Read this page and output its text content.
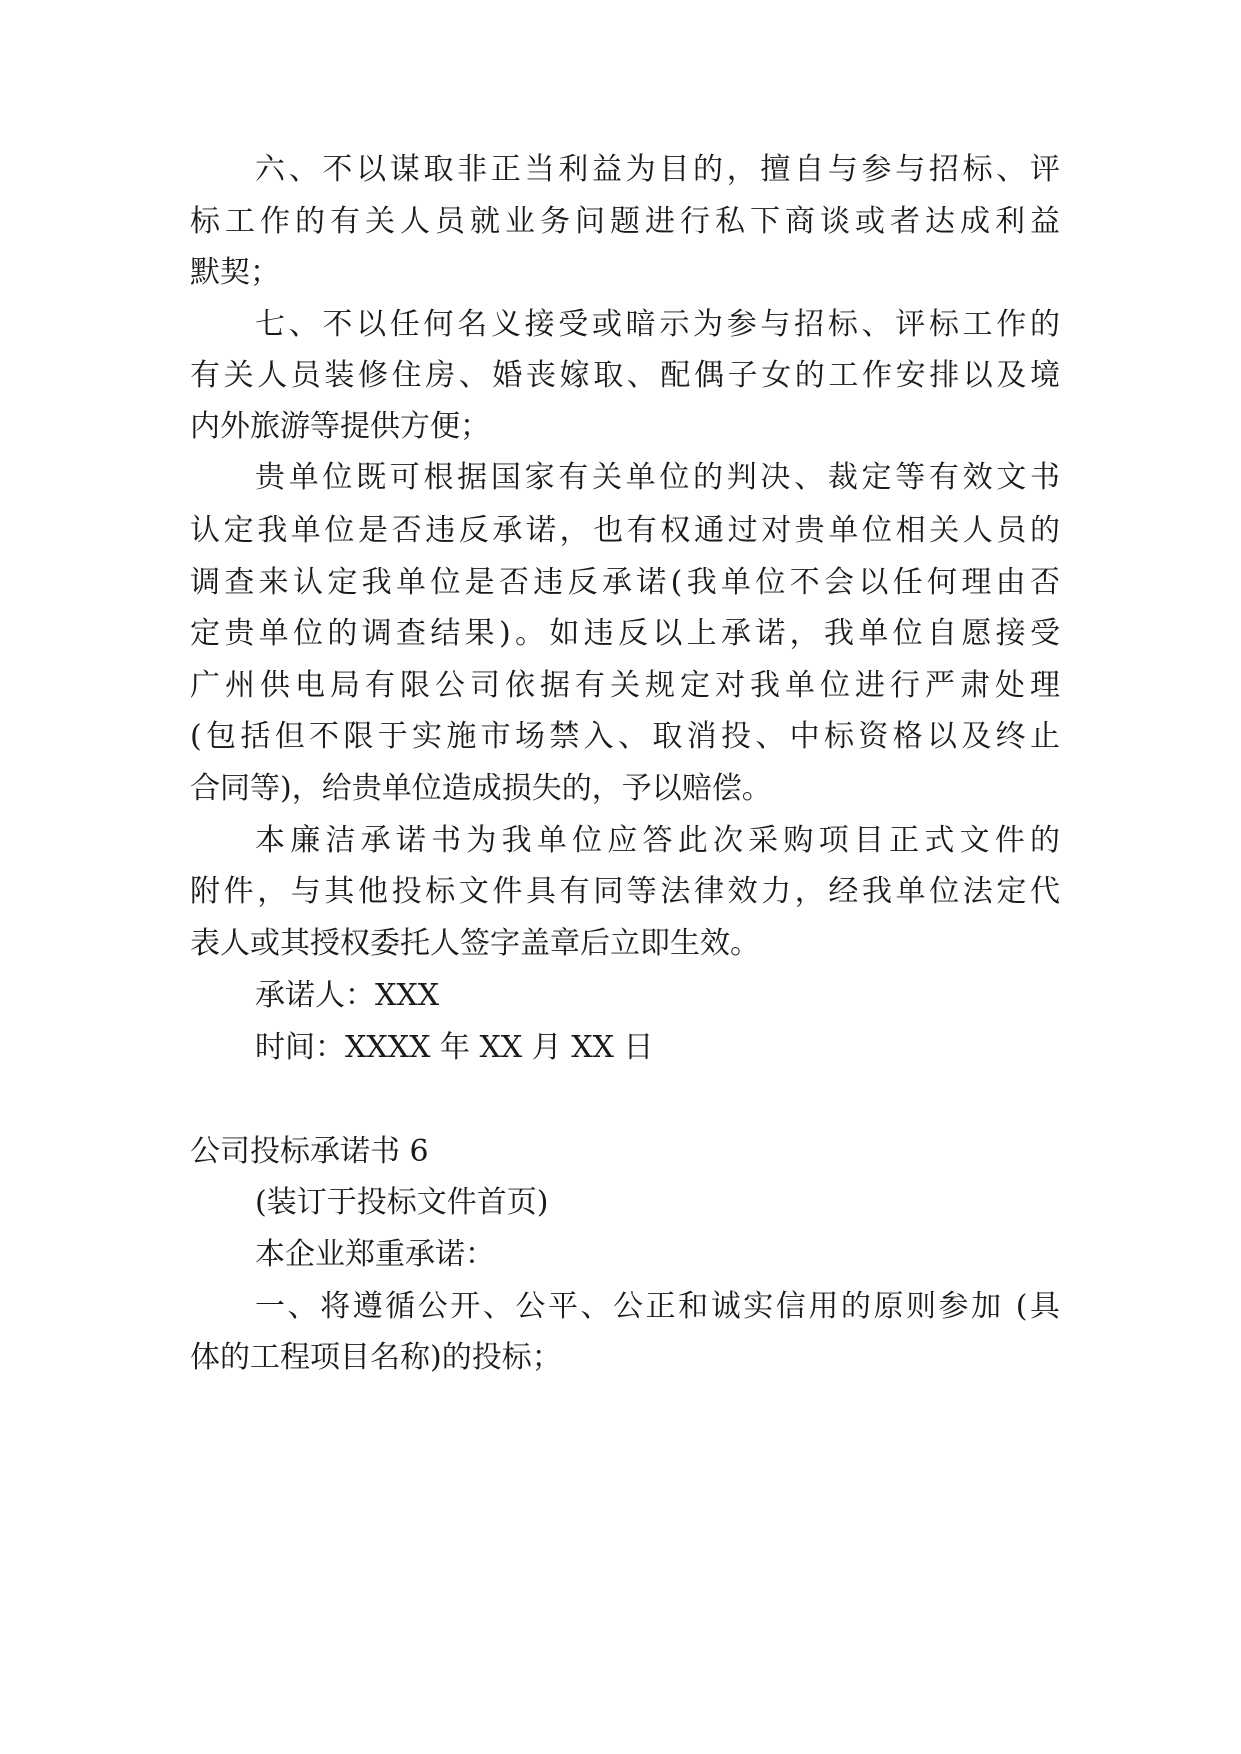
六、不以谋取非正当利益为目的，擅自与参与招标、评

标工作的有关人员就业务问题进行私下商谈或者达成利益

默契；

七、不以任何名义接受或暗示为参与招标、评标工作的

有关人员装修住房、婚丧嫁取、配偶子女的工作安排以及境

内外旅游等提供方便；

贵单位既可根据国家有关单位的判决、裁定等有效文书

认定我单位是否违反承诺，也有权通过对贵单位相关人员的

调查来认定我单位是否违反承诺(我单位不会以任何理由否

定贵单位的调查结果)。如违反以上承诺，我单位自愿接受

广州供电局有限公司依据有关规定对我单位进行严肃处理

(包括但不限于实施市场禁入、取消投、中标资格以及终止

合同等)，给贵单位造成损失的，予以赔偿。

本廉洁承诺书为我单位应答此次采购项目正式文件的

附件，与其他投标文件具有同等法律效力，经我单位法定代

表人或其授权委托人签字盖章后立即生效。

承诺人：XXX

时间：XXXX 年 XX 月 XX 日

公司投标承诺书 6

(装订于投标文件首页)

本企业郑重承诺：

一、将遵循公开、公平、公正和诚实信用的原则参加 (具

体的工程项目名称)的投标；
